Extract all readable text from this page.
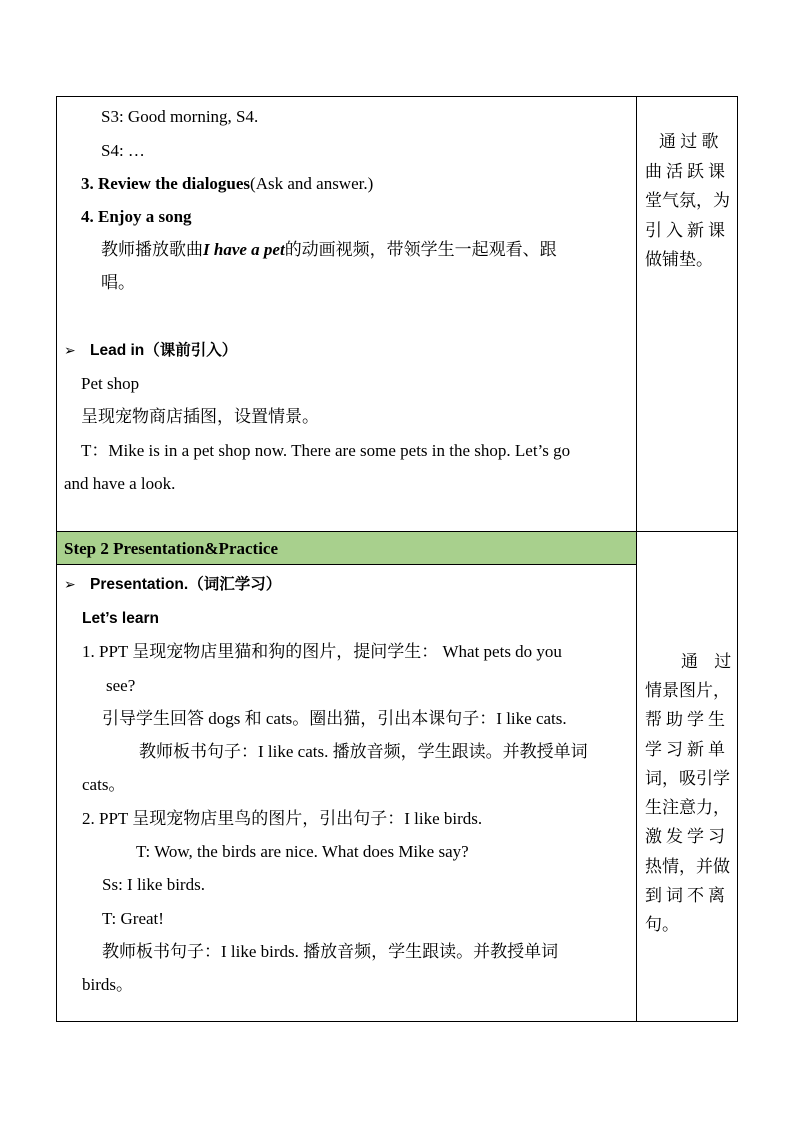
S3: Good morning, S4.
S4: …
3. Review the dialogues(Ask and answer.)
4. Enjoy a song
教师播放歌曲I have a pet的动画视频，带领学生一起观看、跟
唱。
➢ Lead in（课前引入）
Pet shop
呈现宠物商店插图，设置情景。
T：Mike is in a pet shop now. There are some pets in the shop. Let’s go
and have a look.
通 过 歌
曲活跃课
堂气氛，为
引入新课
做铺垫。
Step 2 Presentation&Practice
➢ Presentation.（词汇学习）
Let’s learn
1. PPT 呈现宠物店里猫和狗的图片，提问学生： What pets do you
see?
引导学生回答 dogs 和 cats。圈出猫，引出本课句子：I like cats.
教师板书句子：I like cats. 播放音频，学生跟读。并教授单词
cats。
2. PPT 呈现宠物店里鸟的图片，引出句子：I like birds.
T: Wow, the birds are nice. What does Mike say?
Ss: I like birds.
T: Great!
教师板书句子：I like birds. 播放音频，学生跟读。并教授单词
birds。
通 过
情景图片，
帮助学生
学习新单
词，吸引学
生注意力，
激发学习
热情，并做
到词不离
句。
